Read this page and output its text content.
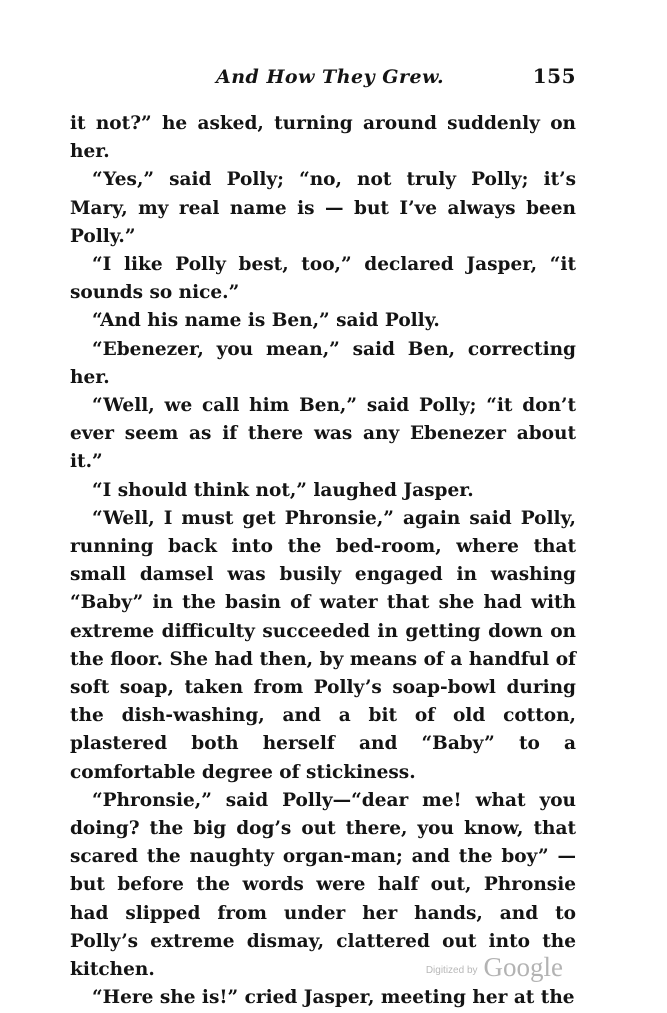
And How They Grew.	155

it not?” he asked, turning around suddenly on her.

“Yes,” said Polly; “no, not truly Polly; it’s Mary, my real name is — but I’ve always been Polly.”

“I like Polly best, too,” declared Jasper, “it sounds so nice.”

“And his name is Ben,” said Polly.

“Ebenezer, you mean,” said Ben, correcting her.

“Well, we call him Ben,” said Polly; “it don’t ever seem as if there was any Ebenezer about it.”

“I should think not,” laughed Jasper.

“Well, I must get Phronsie,” again said Polly, running back into the bed-room, where that small damsel was busily engaged in washing “Baby” in the basin of water that she had with extreme difficulty succeeded in getting down on the floor. She had then, by means of a handful of soft soap, taken from Polly’s soap-bowl during the dish-washing, and a bit of old cotton, plastered both herself and “Baby” to a comfortable degree of stickiness.

“Phronsie,” said Polly—“dear me! what you doing? the big dog’s out there, you know, that scared the naughty organ-man; and the boy” — but before the words were half out, Phronsie had slipped from under her hands, and to Polly’s extreme dismay, clattered out into the kitchen.

“Here she is!” cried Jasper, meeting her at the

Digitized by Google
